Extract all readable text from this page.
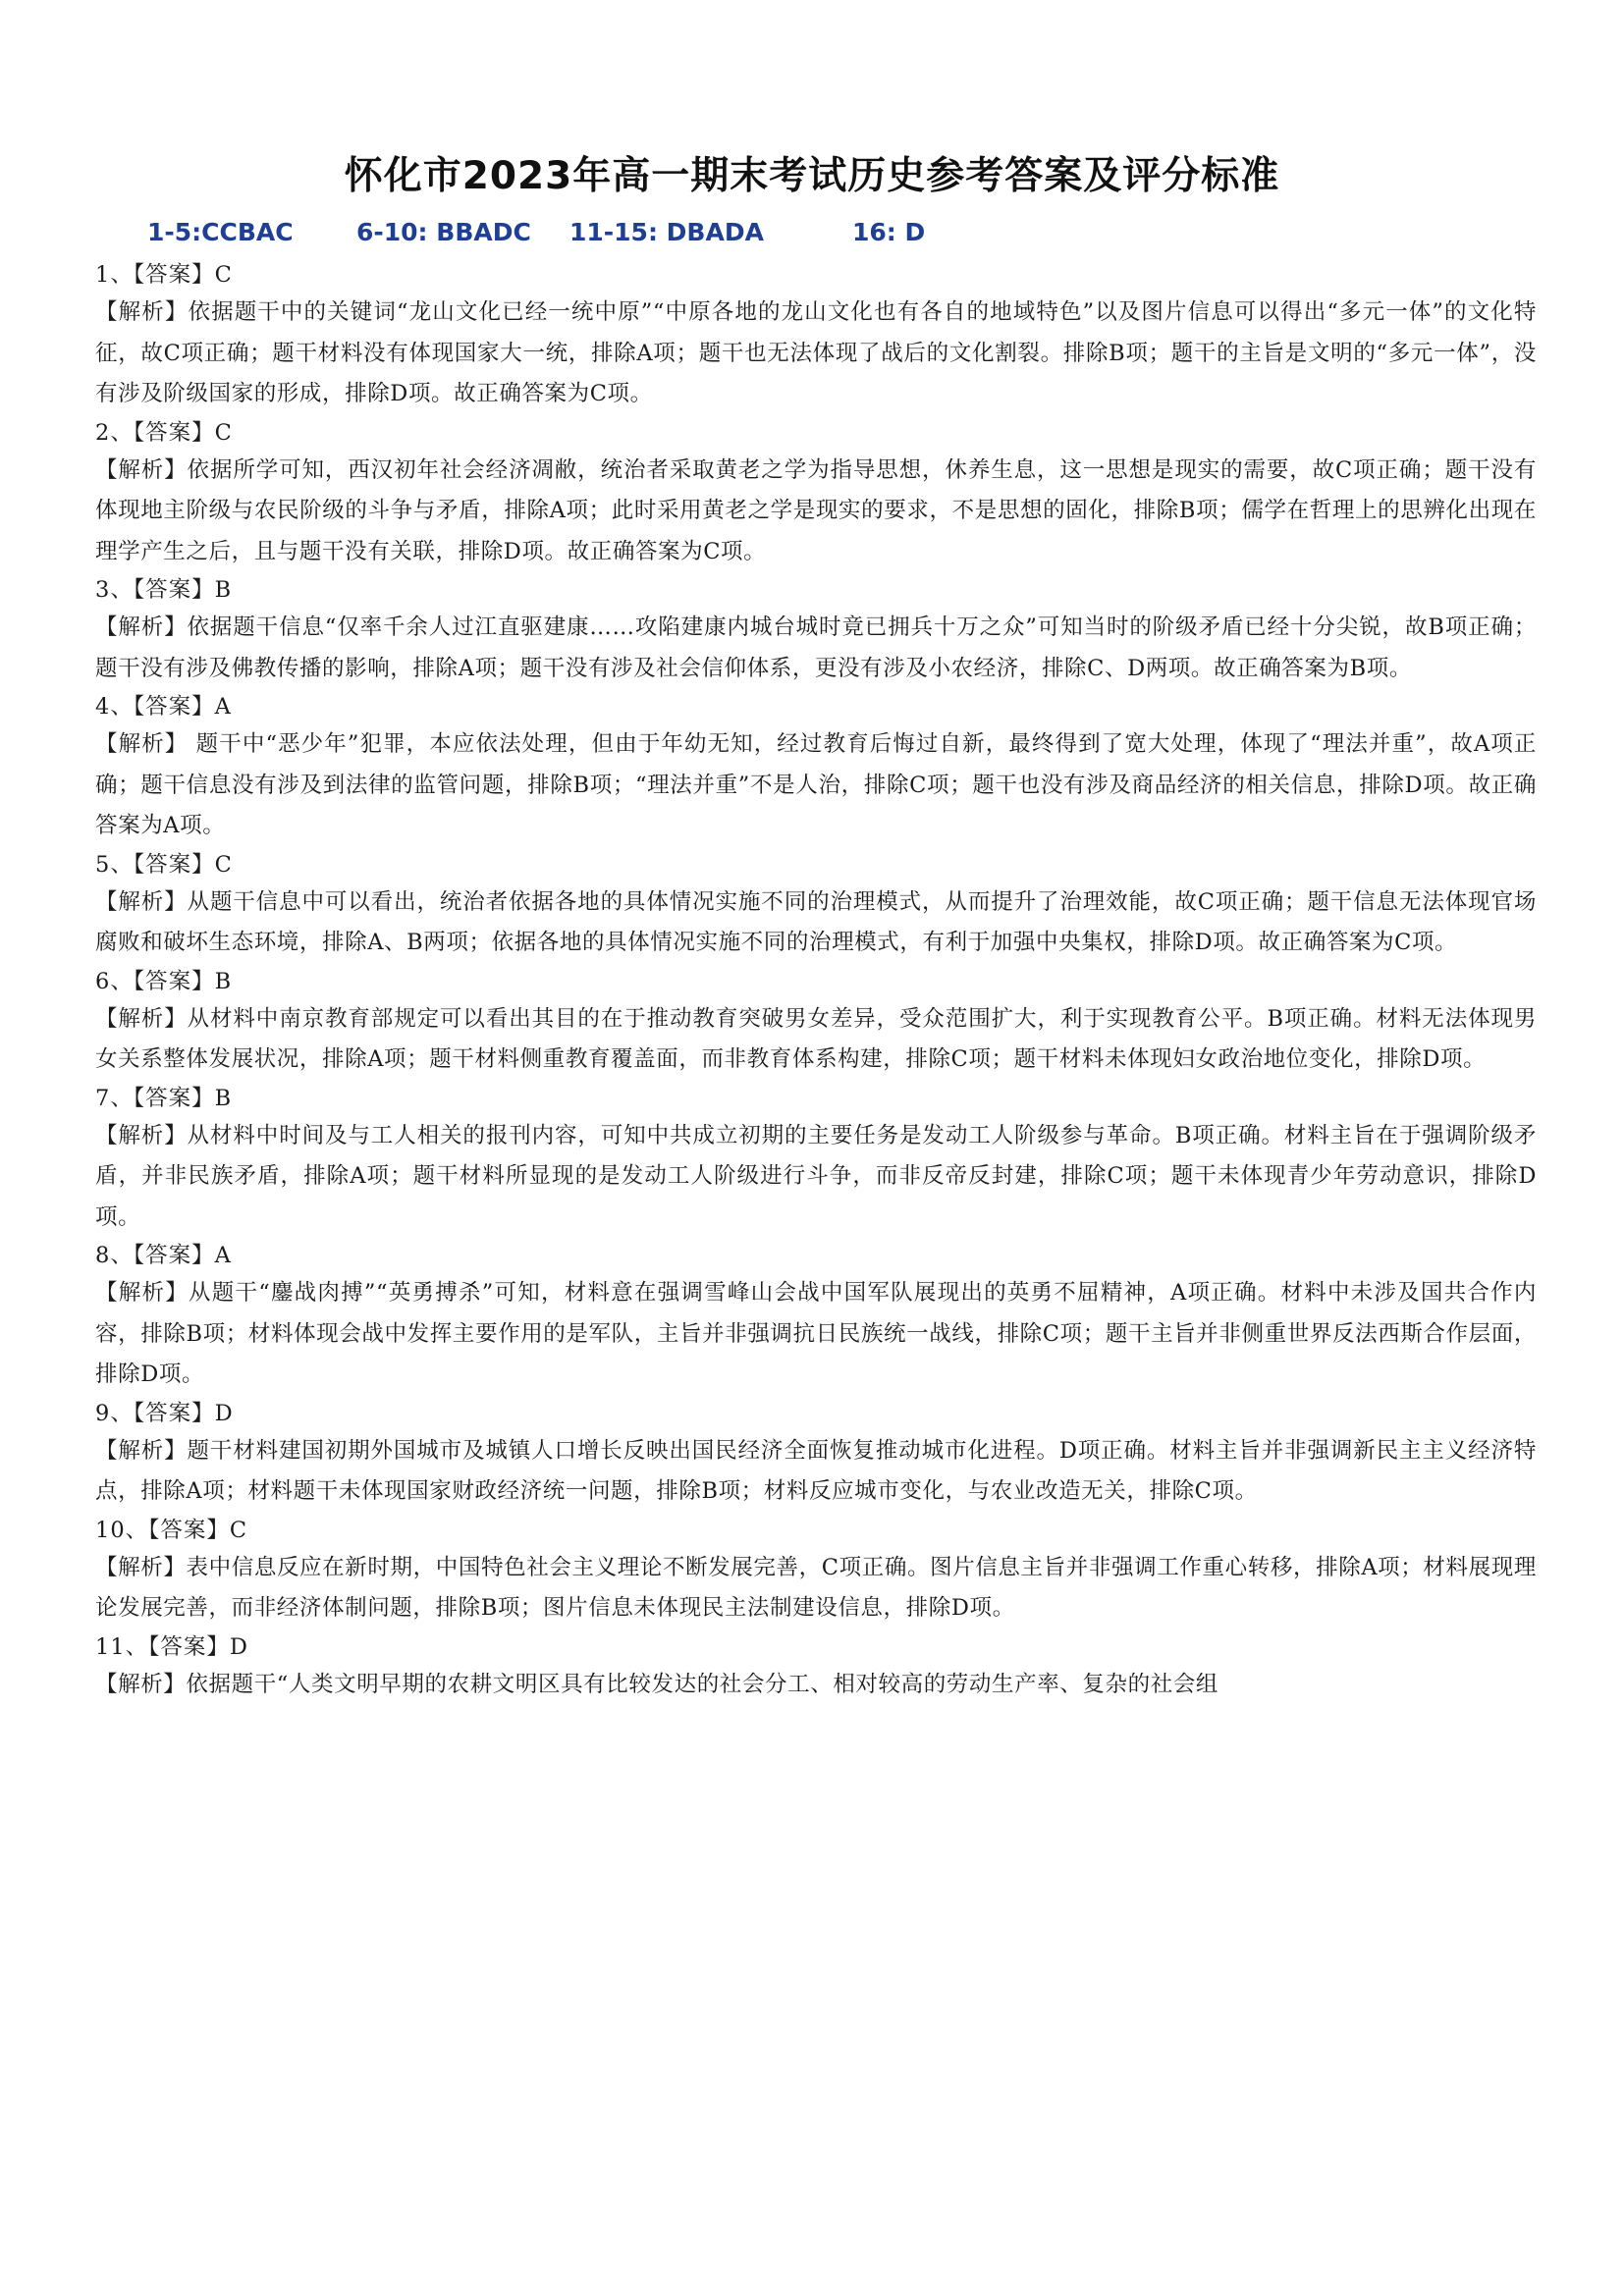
怀化市2023年高一期末考试历史参考答案及评分标准
1-5:CCBAC	6-10: BBADC 11-15: DBADA	16: D
1、【答案】C
【解析】依据题干中的关键词“龙山文化已经一统中原”“中原各地的龙山文化也有各自的地域特色”以及图片信息可以得出“多元一体”的文化特征，故C项正确；题干材料没有体现国家大一统，排除A项；题干也无法体现了战后的文化割裂。排除B项；题干的主旨是文明的“多元一体”，没有涉及阶级国家的形成，排除D项。故正确答案为C项。
2、【答案】C
【解析】依据所学可知，西汉初年社会经济凋敝，统治者采取黄老之学为指导思想，休养生息，这一思想是现实的需要，故C项正确；题干没有体现地主阶级与农民阶级的斗争与矛盾，排除A项；此时采用黄老之学是现实的要求，不是思想的固化，排除B项；儒学在哲理上的思辨化出现在理学产生之后，且与题干没有关联，排除D项。故正确答案为C项。
3、【答案】B
【解析】依据题干信息“仅率千余人过江直驱建康……攻陷建康内城台城时竟已拥兵十万之众”可知当时的阶级矛盾已经十分尖锐，故B项正确；题干没有涉及佛教传播的影响，排除A项；题干没有涉及社会信仰体系，更没有涉及小农经济，排除C、D两项。故正确答案为B项。
4、【答案】A
【解析】 题干中“恶少年”犯罪，本应依法处理，但由于年幼无知，经过教育后悔过自新，最终得到了宽大处理，体现了“理法并重”，故A项正确；题干信息没有涉及到法律的监管问题，排除B项；“理法并重”不是人治，排除C项；题干也没有涉及商品经济的相关信息，排除D项。故正确答案为A项。
5、【答案】C
【解析】从题干信息中可以看出，统治者依据各地的具体情况实施不同的治理模式，从而提升了治理效能，故C项正确；题干信息无法体现官场腐败和破坏生态环境，排除A、B两项；依据各地的具体情况实施不同的治理模式，有利于加强中央集权，排除D项。故正确答案为C项。
6、【答案】B
【解析】从材料中南京教育部规定可以看出其目的在于推动教育突破男女差异，受众范围扩大，利于实现教育公平。B项正确。材料无法体现男女关系整体发展状况，排除A项；题干材料侧重教育覆盖面，而非教育体系构建，排除C项；题干材料未体现妇女政治地位变化，排除D项。
7、【答案】B
【解析】从材料中时间及与工人相关的报刊内容，可知中共成立初期的主要任务是发动工人阶级参与革命。B项正确。材料主旨在于强调阶级矛盾，并非民族矛盾，排除A项；题干材料所显现的是发动工人阶级进行斗争，而非反帝反封建，排除C项；题干未体现青少年劳动意识，排除D项。
8、【答案】A
【解析】从题干“鏖战肉搏”“英勇搏杀”可知，材料意在强调雪峰山会战中国军队展现出的英勇不屈精神，A项正确。材料中未涉及国共合作内容，排除B项；材料体现会战中发挥主要作用的是军队，主旨并非强调抗日民族统一战线，排除C项；题干主旨并非侧重世界反法西斯合作层面，排除D项。
9、【答案】D
【解析】题干材料建国初期外国城市及城镇人口增长反映出国民经济全面恢复推动城市化进程。D项正确。材料主旨并非强调新民主主义经济特点，排除A项；材料题干未体现国家财政经济统一问题，排除B项；材料反应城市变化，与农业改造无关，排除C项。
10、【答案】C
【解析】表中信息反应在新时期，中国特色社会主义理论不断发展完善，C项正确。图片信息主旨并非强调工作重心转移，排除A项；材料展现理论发展完善，而非经济体制问题，排除B项；图片信息未体现民主法制建设信息，排除D项。
11、【答案】D
【解析】依据题干“人类文明早期的农耕文明区具有比较发达的社会分工、相对较高的劳动生产率、复杂的社会组
